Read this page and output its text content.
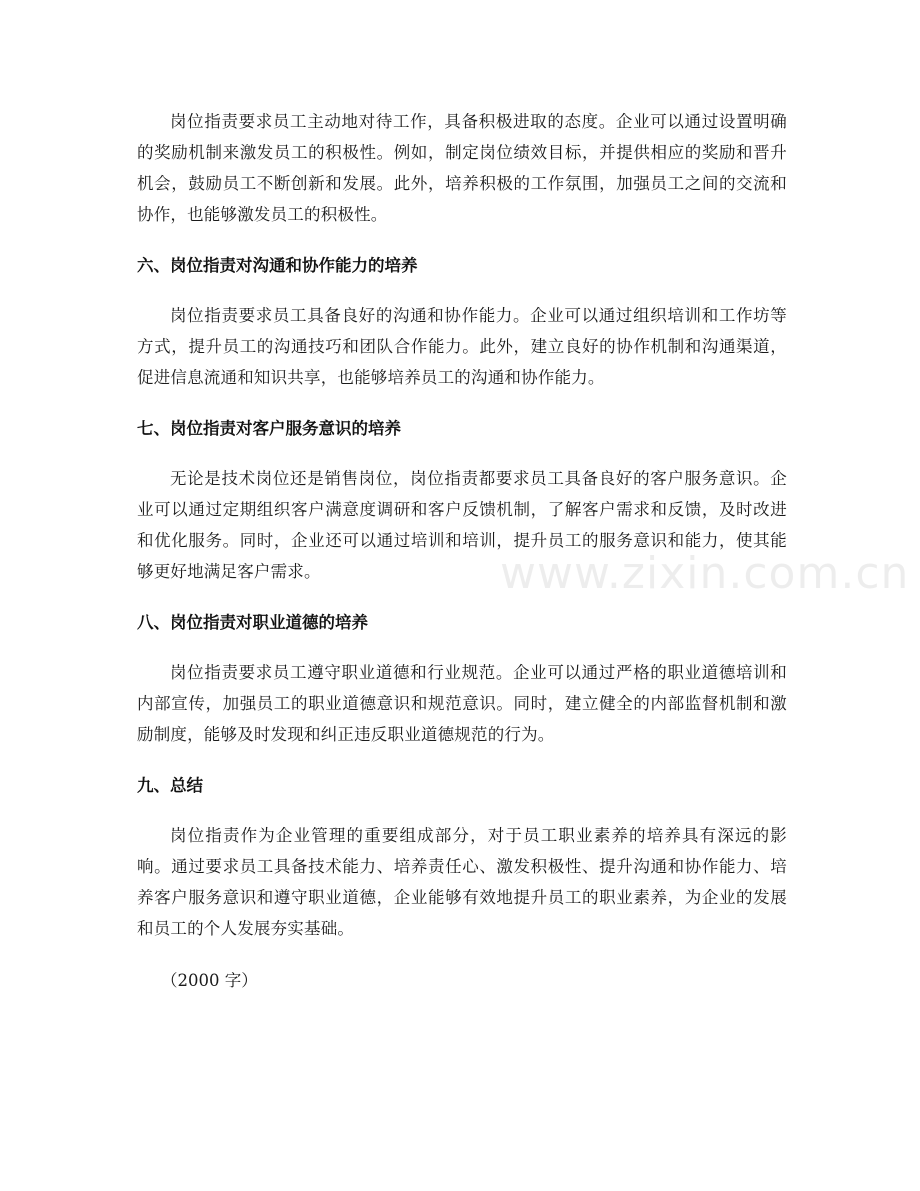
www.zixin.com.cn

岗位指责要求员工主动地对待工作，具备积极进取的态度。企业可以通过设置明确的奖励机制来激发员工的积极性。例如，制定岗位绩效目标，并提供相应的奖励和晋升机会，鼓励员工不断创新和发展。此外，培养积极的工作氛围，加强员工之间的交流和协作，也能够激发员工的积极性。

六、岗位指责对沟通和协作能力的培养

岗位指责要求员工具备良好的沟通和协作能力。企业可以通过组织培训和工作坊等方式，提升员工的沟通技巧和团队合作能力。此外，建立良好的协作机制和沟通渠道，促进信息流通和知识共享，也能够培养员工的沟通和协作能力。

七、岗位指责对客户服务意识的培养

无论是技术岗位还是销售岗位，岗位指责都要求员工具备良好的客户服务意识。企业可以通过定期组织客户满意度调研和客户反馈机制，了解客户需求和反馈，及时改进和优化服务。同时，企业还可以通过培训和培训，提升员工的服务意识和能力，使其能够更好地满足客户需求。

八、岗位指责对职业道德的培养

岗位指责要求员工遵守职业道德和行业规范。企业可以通过严格的职业道德培训和内部宣传，加强员工的职业道德意识和规范意识。同时，建立健全的内部监督机制和激励制度，能够及时发现和纠正违反职业道德规范的行为。

九、总结

岗位指责作为企业管理的重要组成部分，对于员工职业素养的培养具有深远的影响。通过要求员工具备技术能力、培养责任心、激发积极性、提升沟通和协作能力、培养客户服务意识和遵守职业道德，企业能够有效地提升员工的职业素养，为企业的发展和员工的个人发展夯实基础。

（2000 字）
